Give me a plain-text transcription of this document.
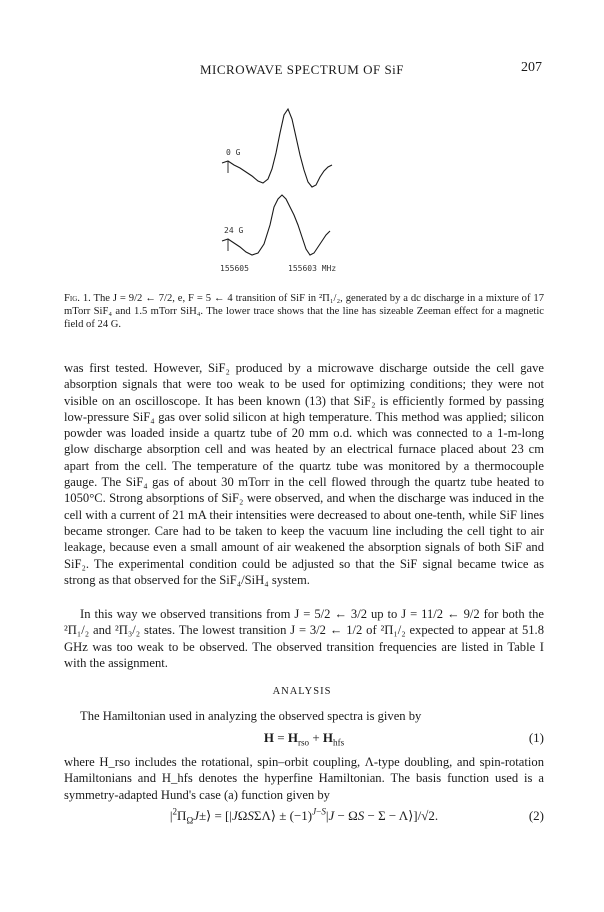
MICROWAVE SPECTRUM OF SiF	207
0 G
24 G
155605	155603 MHz
Fig. 1. The J = 9/2 ← 7/2, e, F = 5 ← 4 transition of SiF in ²Π₁/₂, generated by a dc discharge in a mixture of 17 mTorr SiF₄ and 1.5 mTorr SiH₄. The lower trace shows that the line has sizeable Zeeman effect for a magnetic field of 24 G.

was first tested. However, SiF₂ produced by a microwave discharge outside the cell gave absorption signals that were too weak to be used for optimizing conditions; they were not visible on an oscilloscope. It has been known (13) that SiF₂ is efficiently formed by passing low-pressure SiF₄ gas over solid silicon at high temperature. This method was applied; silicon powder was loaded inside a quartz tube of 20 mm o.d. which was connected to a 1-m-long glow discharge absorption cell and was heated by an electrical furnace placed about 23 cm apart from the cell. The temperature of the quartz tube was monitored by a thermocouple gauge. The SiF₄ gas of about 30 mTorr in the cell flowed through the quartz tube heated to 1050°C. Strong absorptions of SiF₂ were observed, and when the discharge was induced in the cell with a current of 21 mA their intensities were decreased to about one-tenth, while SiF lines became stronger. Care had to be taken to keep the vacuum line including the cell tight to air leakage, because even a small amount of air weakened the absorption signals of both SiF and SiF₂. The experimental condition could be adjusted so that the SiF signal became twice as strong as that observed for the SiF₄/SiH₄ system.

In this way we observed transitions from J = 5/2 ← 3/2 up to J = 11/2 ← 9/2 for both the ²Π₁/₂ and ²Π₃/₂ states. The lowest transition J = 3/2 ← 1/2 of ²Π₁/₂ expected to appear at 51.8 GHz was too weak to be observed. The observed transition frequencies are listed in Table I with the assignment.

ANALYSIS

The Hamiltonian used in analyzing the observed spectra is given by

$H = H_{rso} + H_{hfs}$	(1)

where H_rso includes the rotational, spin–orbit coupling, Λ-type doubling, and spin-rotation Hamiltonians and H_hfs denotes the hyperfine Hamiltonian. The basis function used is a symmetry-adapted Hund's case (a) function given by

$|^2\Pi_\Omega J\pm⟩$ = [|JΩSΣΛ⟩ ± $(-1)^{J-S}|J - \Omega S - \Sigma$ − Λ⟩]/√2.	(2)
